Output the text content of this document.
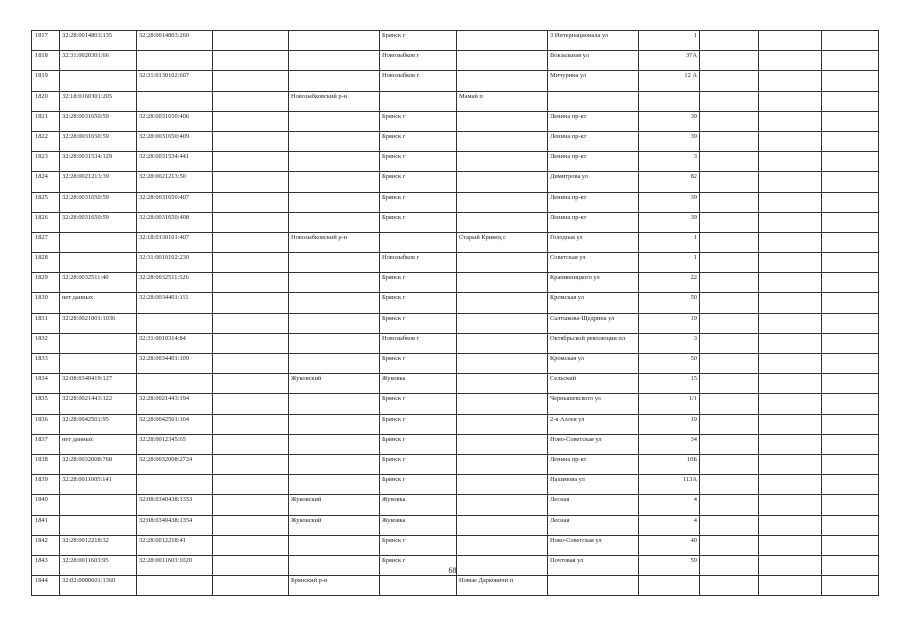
1817	32:28:0014803:135	32:28:0014803:260			Брянск г		3 Интернационала ул	1			
1818	32:31:0020301:66				Новозыбков г		Вокзальная ул	37А			
1819		32:31:0130102:607			Новозыбков г		Мичурина ул	12 А			
1820	32:18:0160301:205			Новозыбковский р-н		Мамай п					
1821	32:28:0031650:59	32:28:0031650:406			Брянск г		Ленина пр-кт	39			
1822	32:28:0031650:59	32:28:0031650:409			Брянск г		Ленина пр-кт	39			
1823	32:28:0031534:129	32:28:0031534:441			Брянск г		Ленина пр-кт	3			
1824	32:28:0021213:39	32:28:0021213:50			Брянск г		Димитрова ул	82			
1825	32:28:0031650:59	32:28:0031650:407			Брянск г		Ленина пр-кт	39			
1826	32:28:0031650:59	32:28:0031650:408			Брянск г		Ленина пр-кт	39			
1827		32:18:0130101:407		Новозыбковский р-н		Старый Кривец с	Голодная ул	1			
1828		32:31:0010102:230			Новозыбков г		Советская ул	1			
1829	32:28:0032511:40	32:28:0032511:526			Брянск г		Крапивницкого ул	22			
1830	нет данных	32:28:0034401:111			Брянск г		Кромская ул	50			
1831	32:28:0021001:1036				Брянск г		Салтыкова-Щедрина ул	19			
1832		32:31:0010314:84			Новозыбков г		Октябрьской революции пл	3			
1833		32:28:0034401:109			Брянск г		Кромская ул	50			
1834	32:08:0340419:127			Жуковский	Жуковка		Сельский	15			
1835	32:28:0021443:122	32:28:0021443:194			Брянск г		Чернышевского ул	1/1			
1836	32:28:0042501:95	32:28:0042501:104			Брянск г		2-я Аллея ул	19			
1837	нет данных	32:28:0012345:65			Брянск г		Ново-Советская ул	34			
1838	32:28:0032008:768	32:28:0032008:2724			Брянск г		Ленина пр-кт	10Б			
1839	32:28:0011005:141				Брянск г		Нахимова ул	113А			
1840		32:08:0340438:1353		Жуковский	Жуковка		Лесная	4			
1841		32:08:0340438:1354		Жуковский	Жуковка		Лесная	4			
1842	32:28:0012218:32	32:28:0012218:41			Брянск г		Ново-Советская ул	40			
1843	32:28:0011603:95	32:28:0011603:1020			Брянск г		Почтовая ул	59			
1844	32:02:0080601:1360			Брянский р-н		Новые Дарковичи п					
68
